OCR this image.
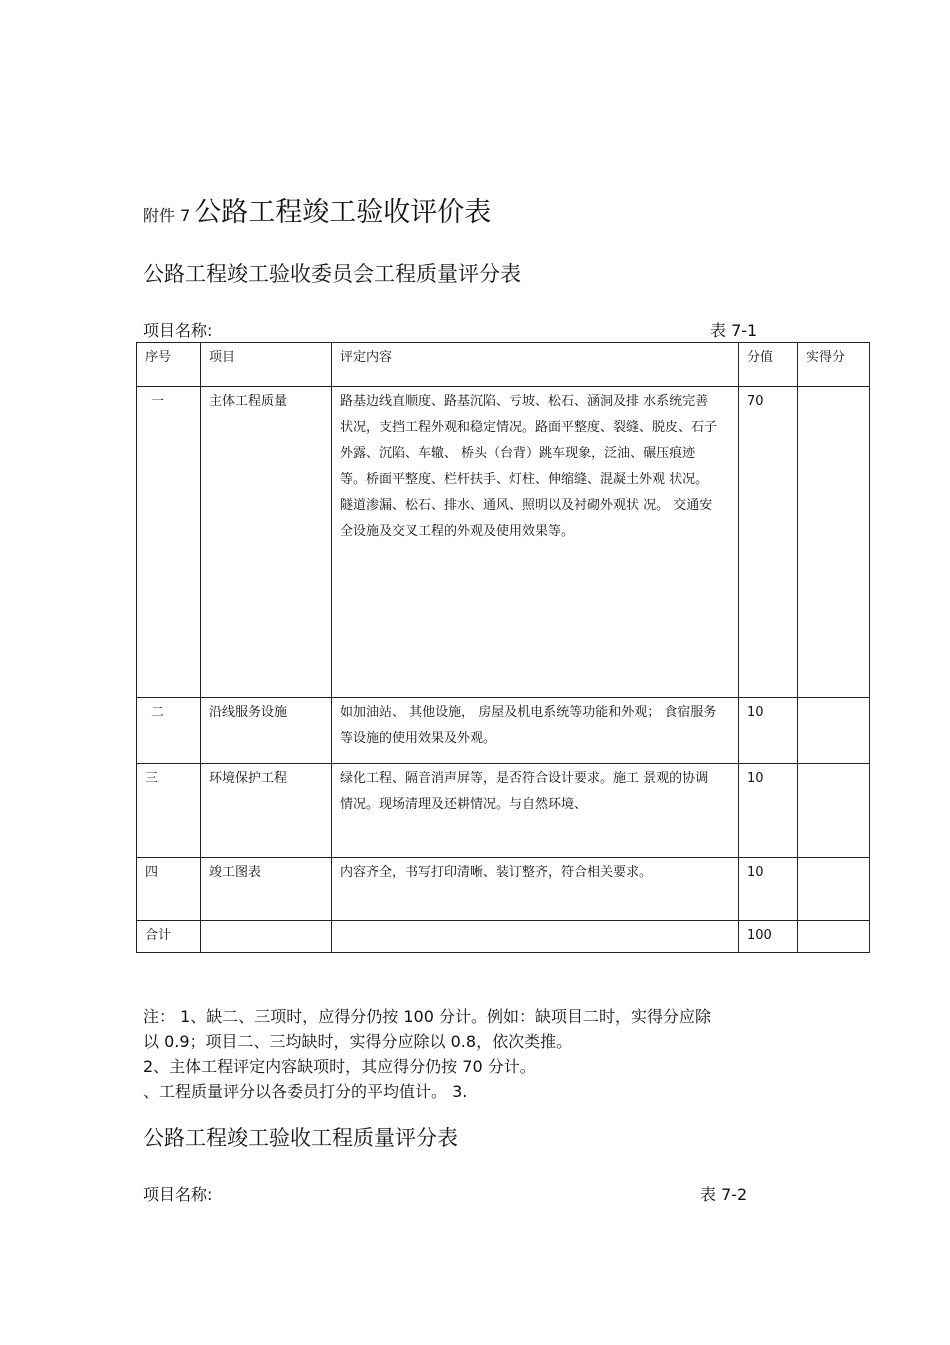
附件 7 公路工程竣工验收评价表
公路工程竣工验收委员会工程质量评分表
项目名称:	表 7-1
序号	项目	评定内容	分值	实得分
一	主体工程质量	路基边线直顺度、路基沉陷、亏坡、松石、涵洞及排 水系统完善状况，支挡工程外观和稳定情况。路面平整度、裂缝、脱皮、石子外露、沉陷、车辙、 桥头（台背）跳车现象，泛油、碾压痕迹等。桥面平整度、栏杆扶手、灯柱、伸缩缝、混凝土外观 状况。隧道渗漏、松石、排水、通风、照明以及衬砌外观状 况。 交通安全设施及交叉工程的外观及使用效果等。	70	
二	沿线服务设施	如加油站、 其他设施， 房屋及机电系统等功能和外观； 食宿服务等设施的使用效果及外观。	10	
三	环境保护工程	绿化工程、隔音消声屏等，是否符合设计要求。施工 景观的协调情况。现场清理及还耕情况。与自然环境、	10	
四	竣工图表	内容齐全，书写打印清晰、装订整齐，符合相关要求。	10	
合计			100	
注： 1、缺二、三项时，应得分仍按 100 分计。例如：缺项目二时，实得分应除
以 0.9；项目二、三均缺时，实得分应除以 0.8，依次类推。
2、主体工程评定内容缺项时，其应得分仍按 70 分计。
、工程质量评分以各委员打分的平均值计。 3.
公路工程竣工验收工程质量评分表
项目名称:	表 7-2
